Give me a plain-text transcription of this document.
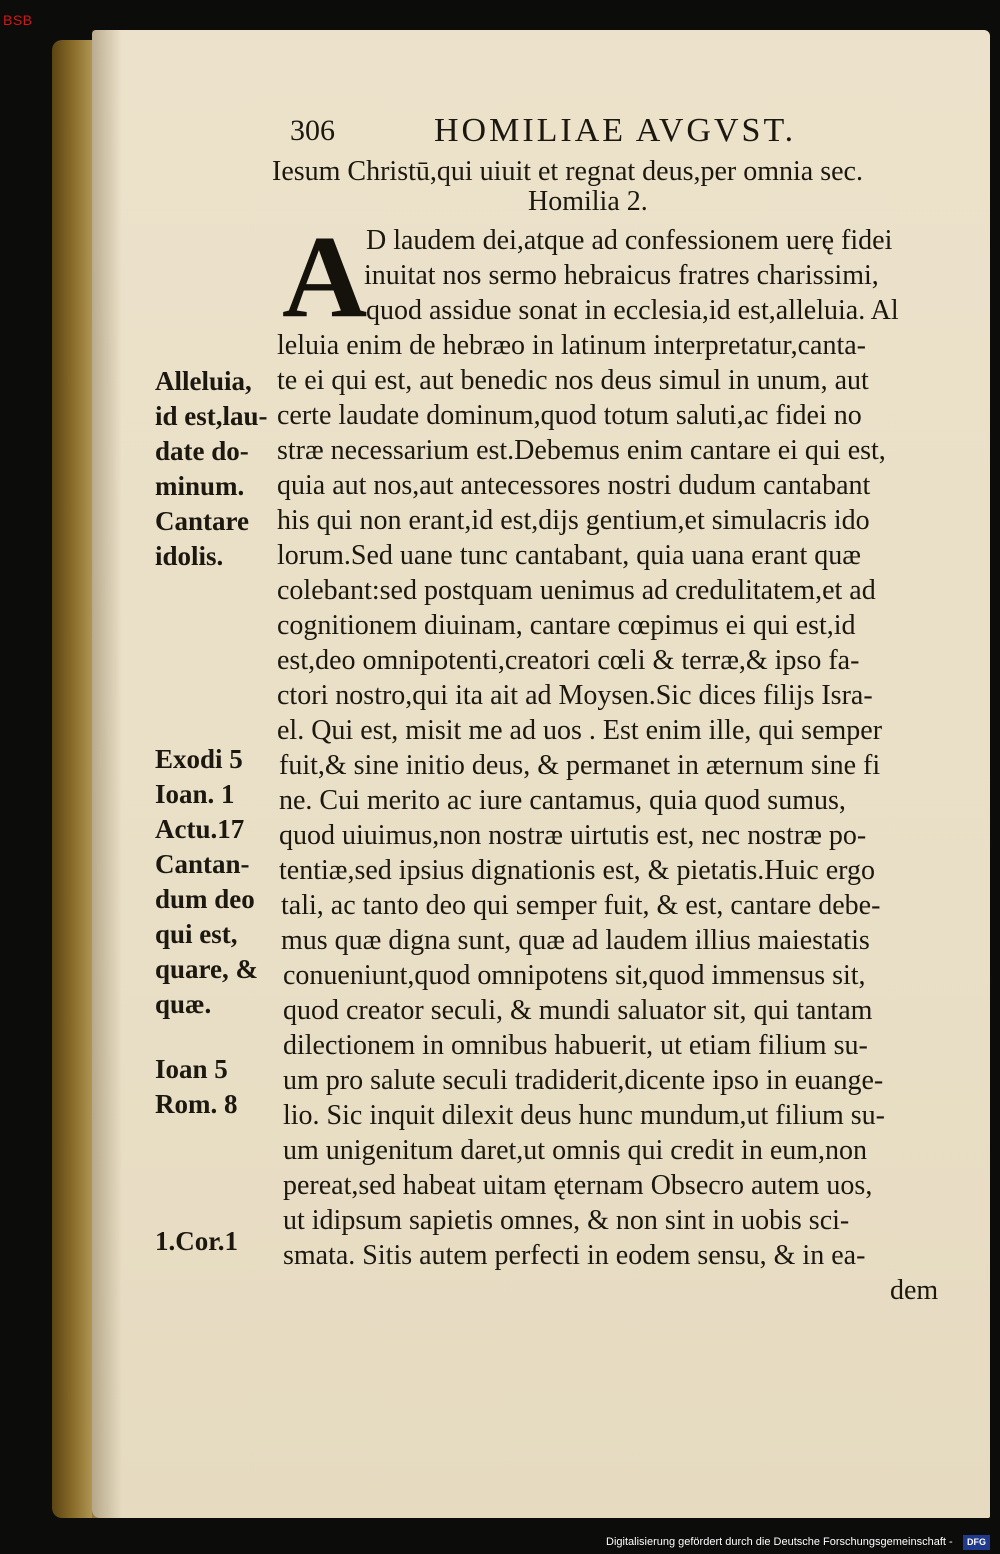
BSB
306	HOMILIAE AVGVST.
Iesum Christū,qui uiuit et regnat deus,per omnia sec.
Homilia 2.
A
D laudem dei,atque ad confessionem uerę fidei
inuitat nos sermo hebraicus fratres charissimi,
quod assidue sonat in ecclesia,id est,alleluia. Al
leluia enim de hebræo in latinum interpretatur,canta-
te ei qui est, aut benedic nos deus simul in unum, aut
certe laudate dominum,quod totum saluti,ac fidei no
stræ necessarium est.Debemus enim cantare ei qui est,
quia aut nos,aut antecessores nostri dudum cantabant
his qui non erant,id est,dijs gentium,et simulacris ido
lorum.Sed uane tunc cantabant, quia uana erant quæ
colebant:sed postquam uenimus ad credulitatem,et ad
cognitionem diuinam, cantare cœpimus ei qui est,id
est,deo omnipotenti,creatori cœli & terræ,& ipso fa-
ctori nostro,qui ita ait ad Moysen.Sic dices filijs Isra-
el. Qui est, misit me ad uos . Est enim ille, qui semper
fuit,& sine initio deus, & permanet in æternum sine fi
ne. Cui merito ac iure cantamus, quia quod sumus,
quod uiuimus,non nostræ uirtutis est, nec nostræ po-
tentiæ,sed ipsius dignationis est, & pietatis.Huic ergo
tali, ac tanto deo qui semper fuit, & est, cantare debe-
mus quæ digna sunt, quæ ad laudem illius maiestatis
conueniunt,quod omnipotens sit,quod immensus sit,
quod creator seculi, & mundi saluator sit, qui tantam
dilectionem in omnibus habuerit, ut etiam filium su-
um pro salute seculi tradiderit,dicente ipso in euange-
lio. Sic inquit dilexit deus hunc mundum,ut filium su-
um unigenitum daret,ut omnis qui credit in eum,non
pereat,sed habeat uitam ęternam Obsecro autem uos,
ut idipsum sapietis omnes, & non sint in uobis sci-
smata. Sitis autem perfecti in eodem sensu, & in ea-
dem
Alleluia,
id est,lau-
date do-
minum.
Cantare
idolis.
Exodi 5
Ioan. 1
Actu.17
Cantan-
dum deo
qui est,
quare, &
quæ.
Ioan 5
Rom. 8
1.Cor.1
Digitalisierung gefördert durch die Deutsche Forschungsgemeinschaft -	DFG
